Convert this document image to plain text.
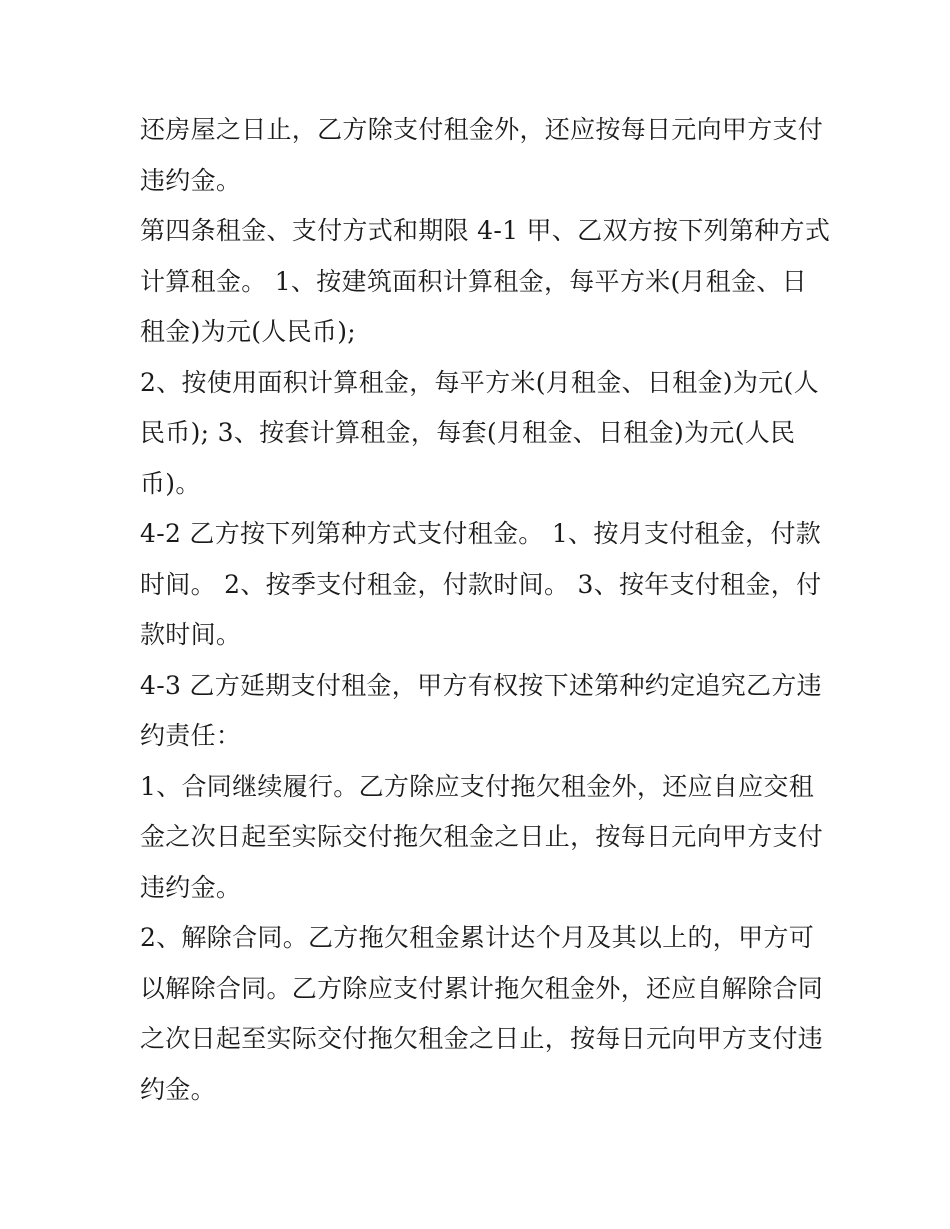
还房屋之日止，乙方除支付租金外，还应按每日元向甲方支付
违约金。

第四条租金、支付方式和期限 4-1 甲、乙双方按下列第种方式
计算租金。 1、按建筑面积计算租金，每平方米(月租金、日
租金)为元(人民币);

2、按使用面积计算租金，每平方米(月租金、日租金)为元(人
民币); 3、按套计算租金，每套(月租金、日租金)为元(人民
币)。

4-2 乙方按下列第种方式支付租金。 1、按月支付租金，付款
时间。 2、按季支付租金，付款时间。 3、按年支付租金，付
款时间。

4-3 乙方延期支付租金，甲方有权按下述第种约定追究乙方违
约责任：

1、合同继续履行。乙方除应支付拖欠租金外，还应自应交租
金之次日起至实际交付拖欠租金之日止，按每日元向甲方支付
违约金。

2、解除合同。乙方拖欠租金累计达个月及其以上的，甲方可
以解除合同。乙方除应支付累计拖欠租金外，还应自解除合同
之次日起至实际交付拖欠租金之日止，按每日元向甲方支付违
约金。
